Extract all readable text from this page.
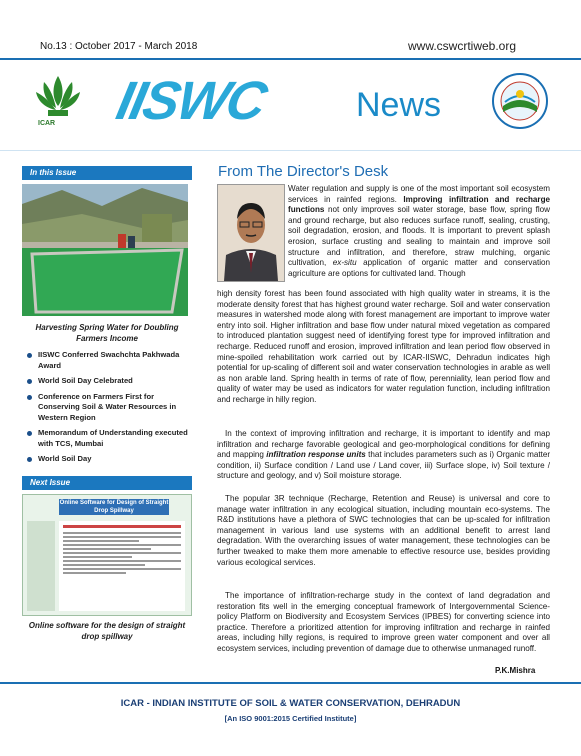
No.13 : October 2017 - March 2018	www.cswcrtiweb.org
ICAR IISWC	News
In this Issue
Harvesting Spring Water for Doubling Farmers Income
IISWC Conferred Swachchta Pakhwada Award
World Soil Day Celebrated
Conference on Farmers First for Conserving Soil & Water Resources in Western Region
Memorandum of Understanding executed with TCS, Mumbai
World Soil Day
Next Issue
Online Software for Design of Straight Drop Spillway
Online software for the design of straight drop spillway
From The Director's Desk

Water regulation and supply is one of the most important soil ecosystem services in rainfed regions. Improving infiltration and recharge functions not only improves soil water storage, base flow, spring flow and ground recharge, but also reduces surface runoff, sealing, crusting, soil degradation, erosion, and floods. It is important to prevent splash erosion, surface crusting and sealing to maintain and improve soil structure and infiltration, and therefore, straw mulching, organic cultivation, ex-situ application of organic matter and conservation agriculture are options for cultivated land. Though

high density forest has been found associated with high quality water in streams, it is the moderate density forest that has highest ground water recharge. Soil and water conservation measures in watershed mode along with forest management are important to improve water entry into soil. Higher infiltration and base flow under natural mixed vegetation as compared to introduced plantation suggest need of identifying forest type for improved infiltration and recharge. Reduced runoff and erosion, improved infiltration and lean period flow observed in mine-spoiled rehabilitation work carried out by ICAR-IISWC, Dehradun indicates high potential for up-scaling of different soil and water conservation technologies in arable as well as non arable land. Spring health in terms of rate of flow, perenniality, lean period flow and quality of water may be used as indicators for water regulation function, including infiltration and recharge in hilly region.

In the context of improving infiltration and recharge, it is important to identify and map infiltration and recharge favorable geological and geo-morphological conditions for defining and mapping infiltration response units that includes parameters such as i) Organic matter condition, ii) Surface condition / Land use / Land cover, iii) Surface slope, iv) Soil texture / structure and geology, and v) Soil moisture storage.

The popular 3R technique (Recharge, Retention and Reuse) is universal and core to manage water infiltration in any ecological situation, including mountain eco-systems. The R&D institutions have a plethora of SWC technologies that can be up-scaled for infiltration management in various land use systems with an additional benefit to arrest land degradation. With the overarching issues of water management, these technologies can be further tweaked to make them more amenable to effective resource use, besides providing various ecological services.

The importance of infiltration-recharge study in the context of land degradation and restoration fits well in the emerging conceptual framework of Intergovernmental Science-policy Platform on Biodiversity and Ecosystem Services (IPBES) for converting science into practice. Therefore a prioritized attention for improving infiltration and recharge in rainfed areas, including hilly regions, is required to improve green water component and over all ecosystem services, including prevention of damage due to otherwise unmanaged runoff.

P.K.Mishra
ICAR - INDIAN INSTITUTE OF SOIL & WATER CONSERVATION, DEHRADUN
[An ISO 9001:2015 Certified Institute]
